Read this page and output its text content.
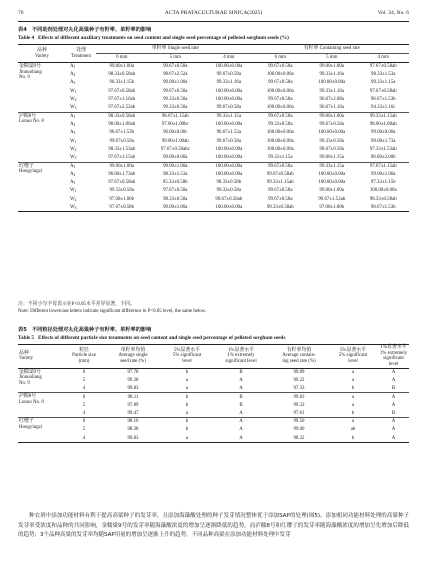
76	ACTA PRATACULTURAE SINICA(2025)	Vol. 34, No. 6
表4　不同助剂处理对丸化高粱种子有籽率、单籽率的影响
Table 4 Effects of different auxiliary treatments on seed content and single seed percentage of pelleted sorghum seeds (%)
品种
Variety	处理
Treatment	单籽率 Single seed rate			有籽率 Containing seed rate		
		6 mm	5 mm	4 mm	6 mm	5 mm	4 mm
金糯粱9号
Jinnuoliang
No. 9	$A_1$	99.00±1.00a	99.67±0.58a	100.00±0.00a	99.67±0.58a	99.00±1.00a	97.67±0.58ab
	$A_2$	98.33±0.58ab	98.67±2.52a	99.67±0.58a	100.00±0.00a	99.33±1.16a	98.33±1.53a
	$A_3$	96.33±1.15b	99.00±1.00a	99.33±1.16a	99.67±0.58a	100.00±0.00a	99.33±1.15a
	$W_1$	97.67±0.58ab	99.67±0.58a	100.00±0.00a	100.00±0.00a	99.33±1.16a	97.67±0.58ab
	$W_2$	97.67±1.16ab	99.33±0.58a	100.00±0.00a	99.67±0.58a	96.67±2.08a	96.67±1.53b
	$W_3$	97.67±2.52ab	99.33±0.58a	99.67±0.58a	100.00±0.00a	96.67±1.16a	94.33±1.16c
泸糯8号
Lunuo No. 8	$A_1$	98.33±0.58ab	98.67±1.15ab	99.33±1.15a	99.67±0.58a	99.00±1.00a	99.33±1.15ab
	$A_2$	98.00±1.00ab	97.00±1.00bc	100.00±0.00a	99.33±0.58a	99.67±0.58a	98.00±1.00ab
	$A_3$	96.67±1.53b	96.00±0.00c	96.67±1.53a	100.00±0.00a	100.00±0.00a	99.00±0.00a
	$W_1$	99.67±0.58a	99.00±1.00ab	99.67±0.58a	100.00±0.00a	99.33±0.58a	99.00±1.73a
	$W_2$	98.33±1.53ab	97.67±0.58abc	100.00±0.00a	100.00±0.00a	98.67±0.58a	97.33±1.53ab
	$W_3$	97.67±1.15ab	99.00±0.00a	100.00±0.00a	99.33±1.15a	99.00±1.15a	96.00±2.00b
红缨子
Hongyingzi	$A_1$	99.00±1.00a	99.00±1.00a	100.00±0.00a	99.67±0.58a	99.33±1.15a	97.67±1.15ab
	$A_2$	96.00±1.73ab	98.33±1.53a	100.00±0.00a	99.67±0.58ab	100.00±0.00a	99.00±1.00a
	$A_3$	97.67±0.58ab	95.33±0.58b	98.33±0.58b	99.33±1.15ab	100.00±0.00a	97.33±1.15b
	$W_1$	99.33±0.58a	97.67±0.58a	99.33±0.58a	99.67±0.58a	99.00±1.00a	100.00±0.00a
	$W_2$	97.00±1.00b	98.33±0.58a	99.67±0.58ab	99.67±0.58a	99.67±1.53ab	98.33±0.58ab
	$W_3$	97.67±0.58b	99.00±1.00a	100.00±0.00a	99.33±0.58ab	97.00±1.00b	96.67±1.53b
注：不同小写字母表示在P<0.05水平差异显著，下同。
Note: Different lowercase letters indicate significant difference in P<0.05 level, the same below.
表5　不同粒径处理对丸化高粱种子有籽率、单籽率的影响
Table 5 Effects of different particle size treatments on seed content and single seed percentage of pelleted sorghum seeds
品种
Variety	粒径
Particle size
(mm)	单籽率均值
Average single
seed rate (%)	5%显著水平
5% significant
level	1%显著水平
1% extremely
significant level	有籽率均值
Average contain-
ing seed rate (%)	5%显著水平
5% significant
level	1%显著水平
1% extremely
significant level
金糯粱9号
Jinnuoliang
No. 9	6	97.78	b	B	99.89	a	A
	5	99.28	a	A	99.22	a	A
	4	99.83	a	A	97.33	b	B
泸糯8号
Lunuo No. 8	6	98.11	b	B	99.83	a	A
	5	97.89	b	B	99.33	a	A
	4	99.47	a	A	97.61	b	B
红缨子
Hongyingzi	6	98.10	b	A	99.50	a	A
	5	98.28	b	A	99.00	ab	A
	4	99.83	a	A	98.22	b	A
种衣剂中添加功能材料有利于提高高粱种子的发芽率，且添加海藻酸处理的种子发芽情况整体优于添加SAP的处理(图5)。添加相同功能材料处理的高粱种子发芽率受浓度和品种的共同影响，金糯粱9号的发芽率随海藻酸浓度的增加呈逐渐降低的趋势，而泸糯8号和红缨子的发芽率随海藻酸浓度的增加呈先增加后降低的趋势；3个品种高粱的发芽率均随SAP用量的增加呈逐渐上升的趋势。不同品种高粱在添加功能材料处理中发芽
